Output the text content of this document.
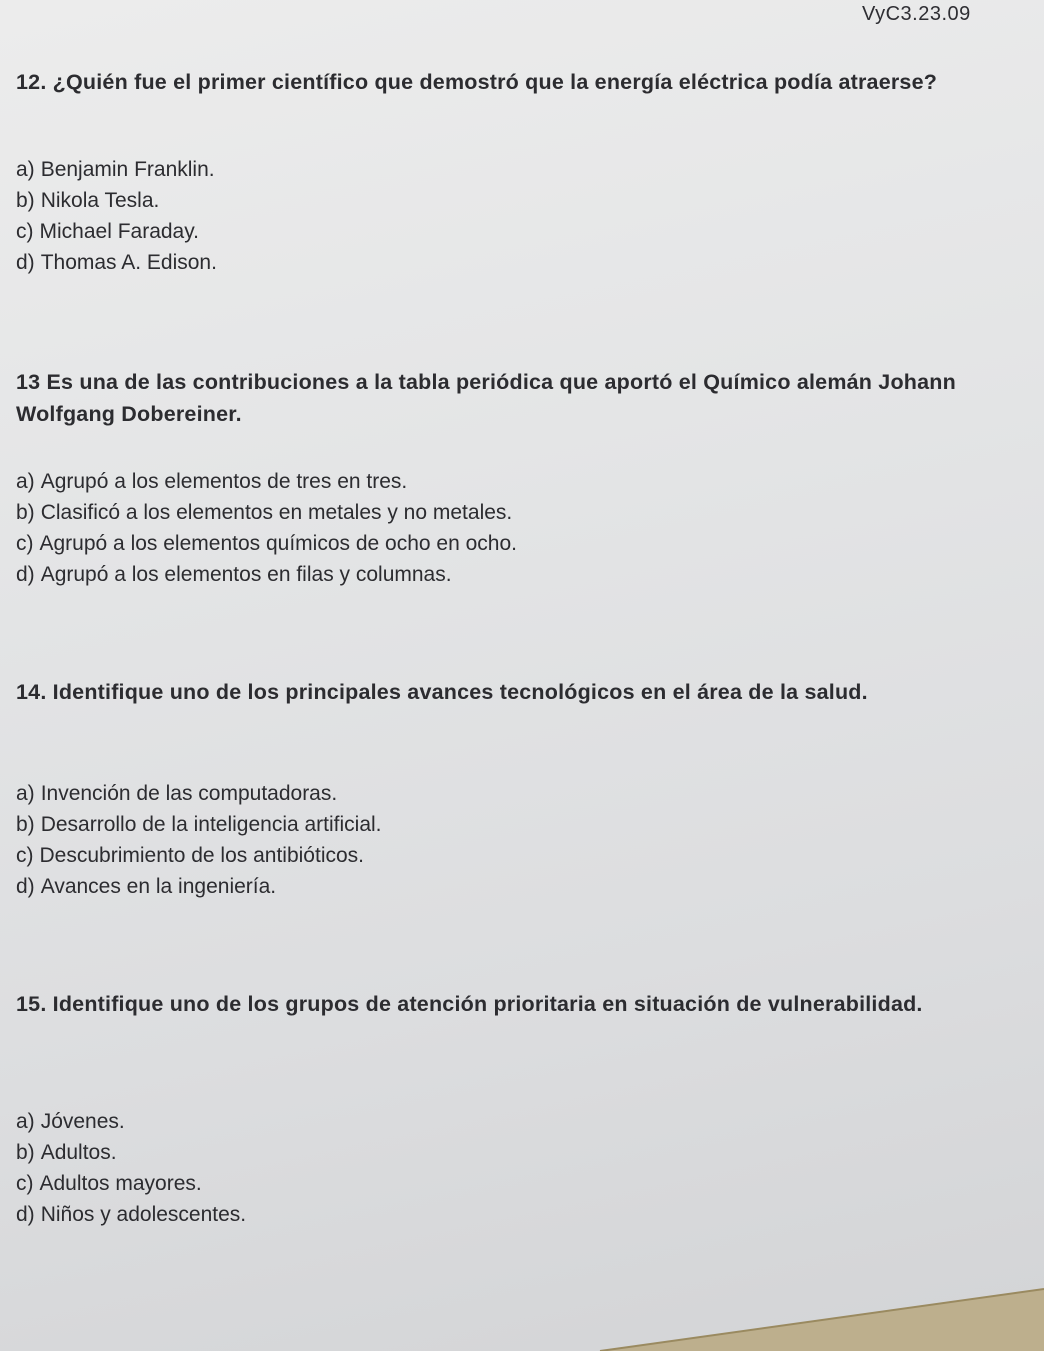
VyC3.23.09
12. ¿Quién fue el primer científico que demostró que la energía eléctrica podía atraerse?
a) Benjamin Franklin.
b) Nikola Tesla.
c) Michael Faraday.
d) Thomas A. Edison.
13 Es una de las contribuciones a la tabla periódica que aportó el Químico alemán Johann Wolfgang Dobereiner.
a) Agrupó a los elementos de tres en tres.
b) Clasificó a los elementos en metales y no metales.
c) Agrupó a los elementos químicos de ocho en ocho.
d) Agrupó a los elementos en filas y columnas.
14. Identifique uno de los principales avances tecnológicos en el área de la salud.
a) Invención de las computadoras.
b) Desarrollo de la inteligencia artificial.
c) Descubrimiento de los antibióticos.
d) Avances en la ingeniería.
15. Identifique uno de los grupos de atención prioritaria en situación de vulnerabilidad.
a) Jóvenes.
b) Adultos.
c) Adultos mayores.
d) Niños y adolescentes.
